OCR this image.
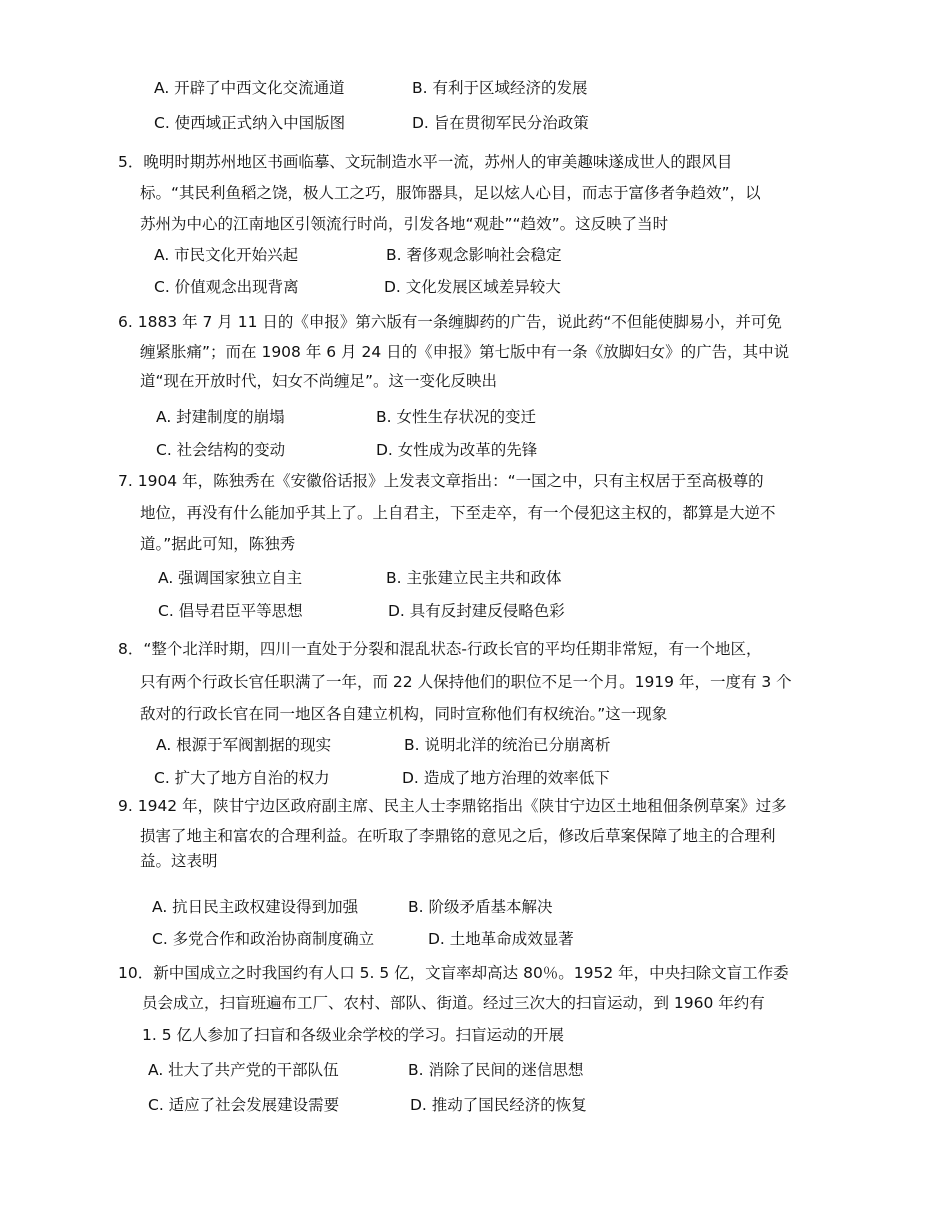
A. 开辟了中西文化交流通道	B. 有利于区域经济的发展
C. 使西域正式纳入中国版图	D. 旨在贯彻军民分治政策
5．晚明时期苏州地区书画临摹、文玩制造水平一流，苏州人的审美趣味遂成世人的跟风目
标。“其民利鱼稻之饶，极人工之巧，服饰器具，足以炫人心目，而志于富侈者争趋效”，以
苏州为中心的江南地区引领流行时尚，引发各地“观赴”“趋效”。这反映了当时
A. 市民文化开始兴起	B. 奢侈观念影响社会稳定
C. 价值观念出现背离	D. 文化发展区域差异较大
6. 1883 年 7 月 11 日的《申报》第六版有一条缠脚药的广告，说此药“不但能使脚易小，并可免
缠紧胀痛”；而在 1908 年 6 月 24 日的《申报》第七版中有一条《放脚妇女》的广告，其中说
道“现在开放时代，妇女不尚缠足”。这一变化反映出
A. 封建制度的崩塌	B. 女性生存状况的变迁
C. 社会结构的变动	D. 女性成为改革的先锋
7. 1904 年，陈独秀在《安徽俗话报》上发表文章指出：“一国之中，只有主权居于至高极尊的
地位，再没有什么能加乎其上了。上自君主，下至走卒，有一个侵犯这主权的，都算是大逆不
道。”据此可知，陈独秀
A. 强调国家独立自主	B. 主张建立民主共和政体
C. 倡导君臣平等思想	D. 具有反封建反侵略色彩
8．“整个北洋时期，四川一直处于分裂和混乱状态-行政长官的平均任期非常短，有一个地区，
只有两个行政长官任职满了一年，而 22 人保持他们的职位不足一个月。1919 年，一度有 3 个
敌对的行政长官在同一地区各自建立机构，同时宣称他们有权统治。”这一现象
A. 根源于军阀割据的现实	B. 说明北洋的统治已分崩离析
C. 扩大了地方自治的权力	D. 造成了地方治理的效率低下
9. 1942 年，陕甘宁边区政府副主席、民主人士李鼎铭指出《陕甘宁边区土地租佃条例草案》过多
损害了地主和富农的合理利益。在听取了李鼎铭的意见之后，修改后草案保障了地主的合理利
益。这表明
A. 抗日民主政权建设得到加强	B. 阶级矛盾基本解决
C. 多党合作和政治协商制度确立	D. 土地革命成效显著
10．新中国成立之时我国约有人口 5. 5 亿，文盲率却高达 80％。1952 年，中央扫除文盲工作委
员会成立，扫盲班遍布工厂、农村、部队、街道。经过三次大的扫盲运动，到 1960 年约有
1. 5 亿人参加了扫盲和各级业余学校的学习。扫盲运动的开展
A. 壮大了共产党的干部队伍	B. 消除了民间的迷信思想
C. 适应了社会发展建设需要	D. 推动了国民经济的恢复
